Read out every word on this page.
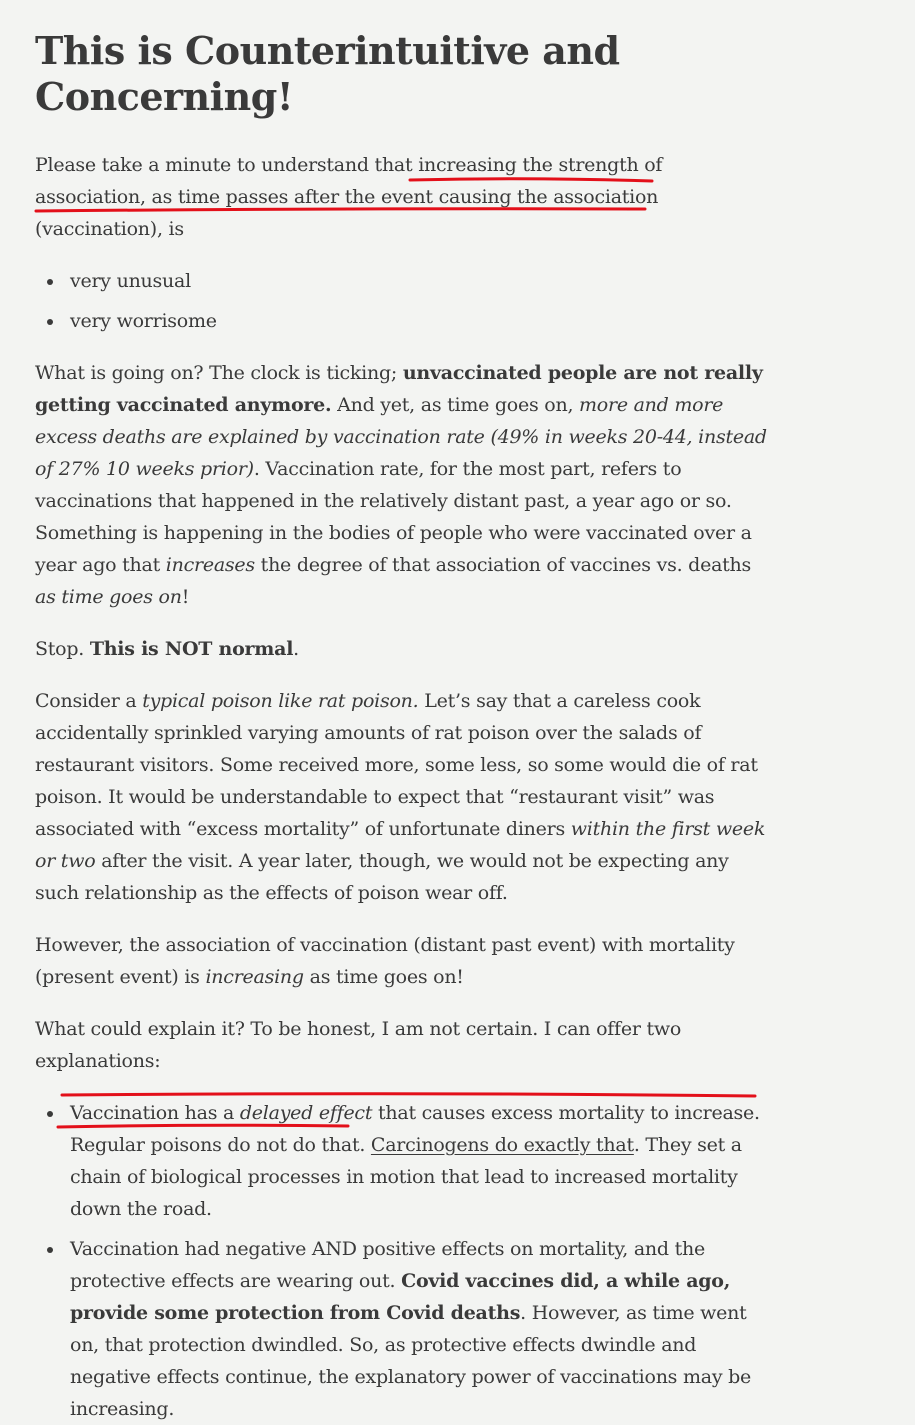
This is Counterintuitive and Concerning!

Please take a minute to understand that increasing the strength of association, as time passes after the event causing the association (vaccination), is

very unusual
very worrisome

What is going on? The clock is ticking; unvaccinated people are not really getting vaccinated anymore. And yet, as time goes on, more and more excess deaths are explained by vaccination rate (49% in weeks 20-44, instead of 27% 10 weeks prior). Vaccination rate, for the most part, refers to vaccinations that happened in the relatively distant past, a year ago or so. Something is happening in the bodies of people who were vaccinated over a year ago that increases the degree of that association of vaccines vs. deaths as time goes on!

Stop. This is NOT normal.

Consider a typical poison like rat poison. Let’s say that a careless cook accidentally sprinkled varying amounts of rat poison over the salads of restaurant visitors. Some received more, some less, so some would die of rat poison. It would be understandable to expect that “restaurant visit” was associated with “excess mortality” of unfortunate diners within the first week or two after the visit. A year later, though, we would not be expecting any such relationship as the effects of poison wear off.

However, the association of vaccination (distant past event) with mortality (present event) is increasing as time goes on!

What could explain it? To be honest, I am not certain. I can offer two explanations:

Vaccination has a delayed effect that causes excess mortality to increase. Regular poisons do not do that. Carcinogens do exactly that. They set a chain of biological processes in motion that lead to increased mortality down the road.
Vaccination had negative AND positive effects on mortality, and the protective effects are wearing out. Covid vaccines did, a while ago, provide some protection from Covid deaths. However, as time went on, that protection dwindled. So, as protective effects dwindle and negative effects continue, the explanatory power of vaccinations may be increasing.
